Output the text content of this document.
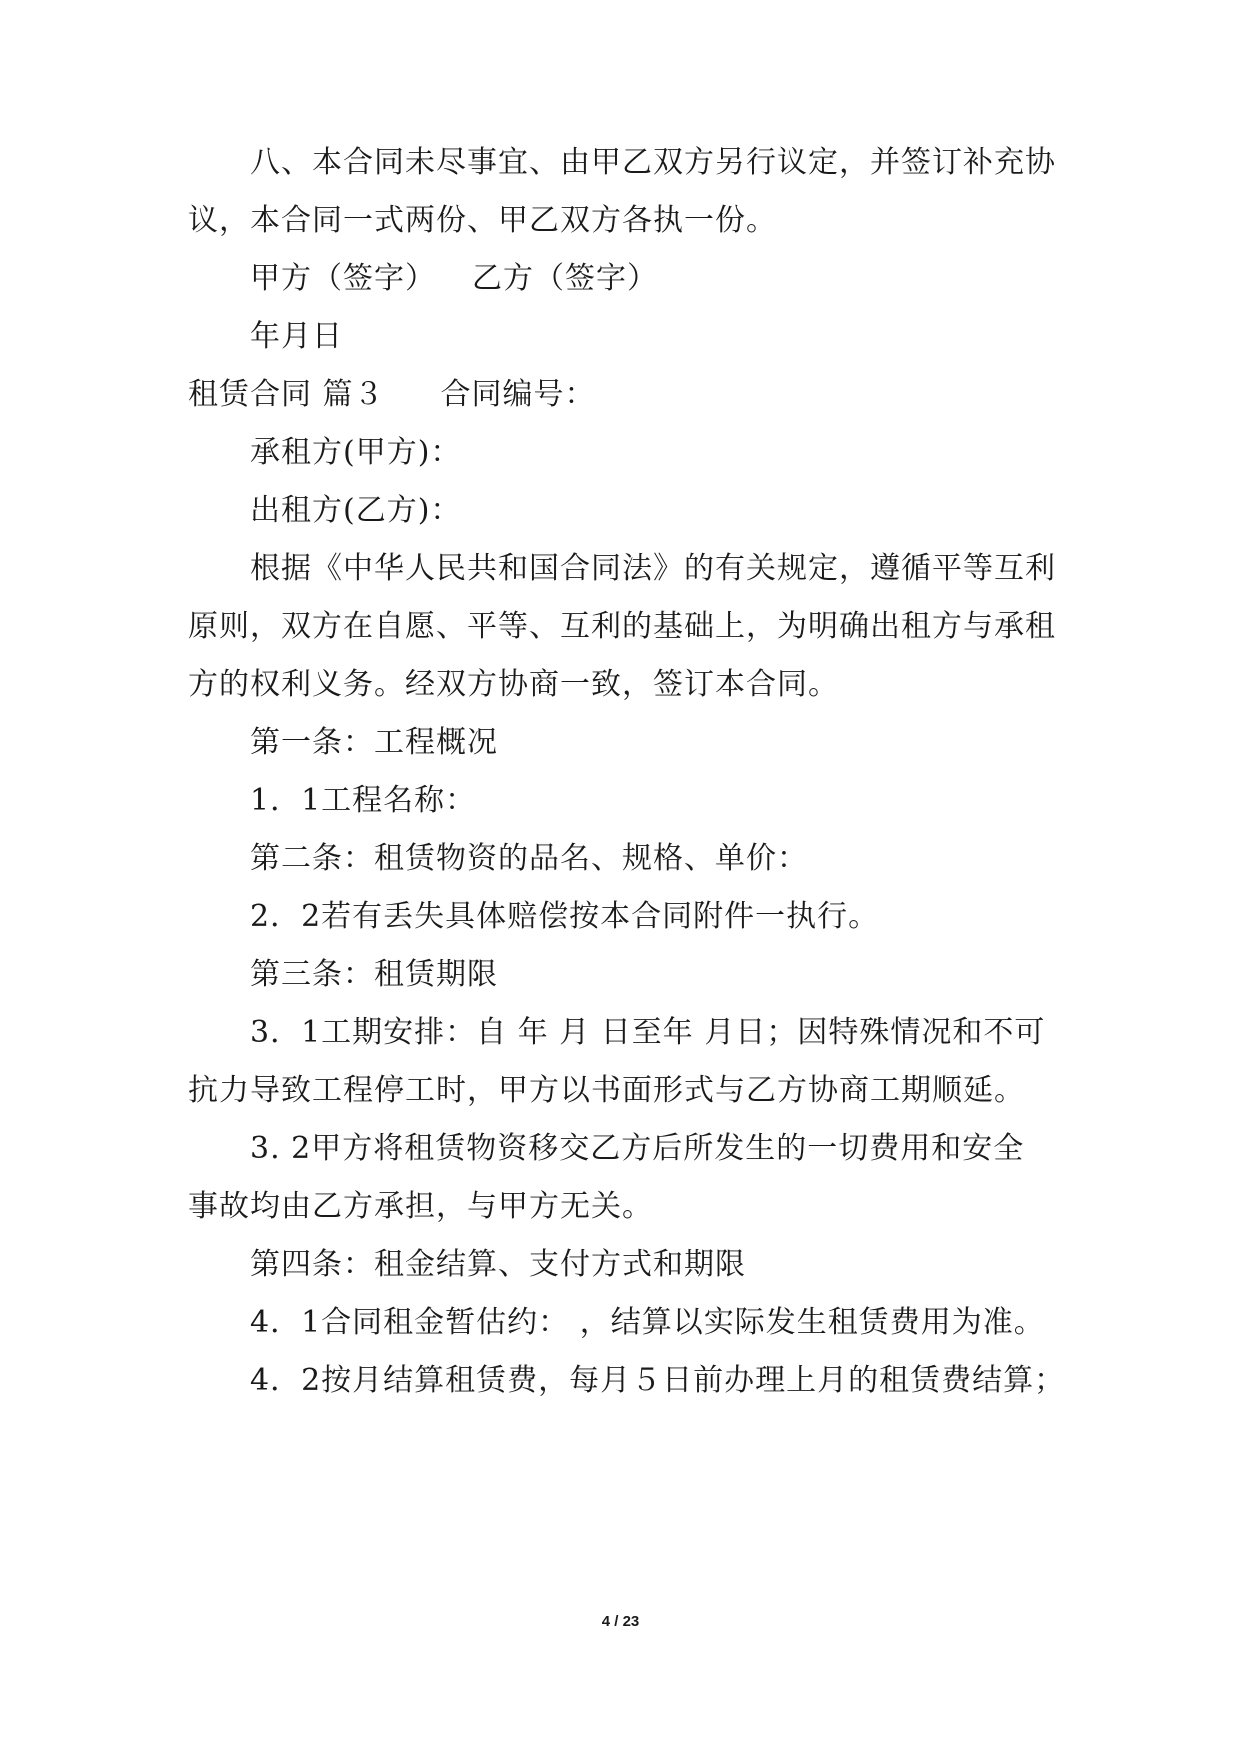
八、本合同未尽事宜、由甲乙双方另行议定，并签订补充协

议，本合同一式两份、甲乙双方各执一份。

甲方（签字） 乙方（签字）

年月日

租赁合同 篇３ 合同编号：

承租方(甲方)：

出租方(乙方)：

根据《中华人民共和国合同法》的有关规定，遵循平等互利

原则，双方在自愿、平等、互利的基础上，为明确出租方与承租

方的权利义务。经双方协商一致，签订本合同。

第一条：工程概况

1．1工程名称：

第二条：租赁物资的品名、规格、单价：

2．2若有丢失具体赔偿按本合同附件一执行。

第三条：租赁期限

3．1工期安排：自 年 月 日至年 月日；因特殊情况和不可

抗力导致工程停工时，甲方以书面形式与乙方协商工期顺延。

3. 2甲方将租赁物资移交乙方后所发生的一切费用和安全

事故均由乙方承担，与甲方无关。

第四条：租金结算、支付方式和期限

4．1合同租金暂估约： ，结算以实际发生租赁费用为准。

4．2按月结算租赁费，每月５日前办理上月的租赁费结算；

4 / 23
